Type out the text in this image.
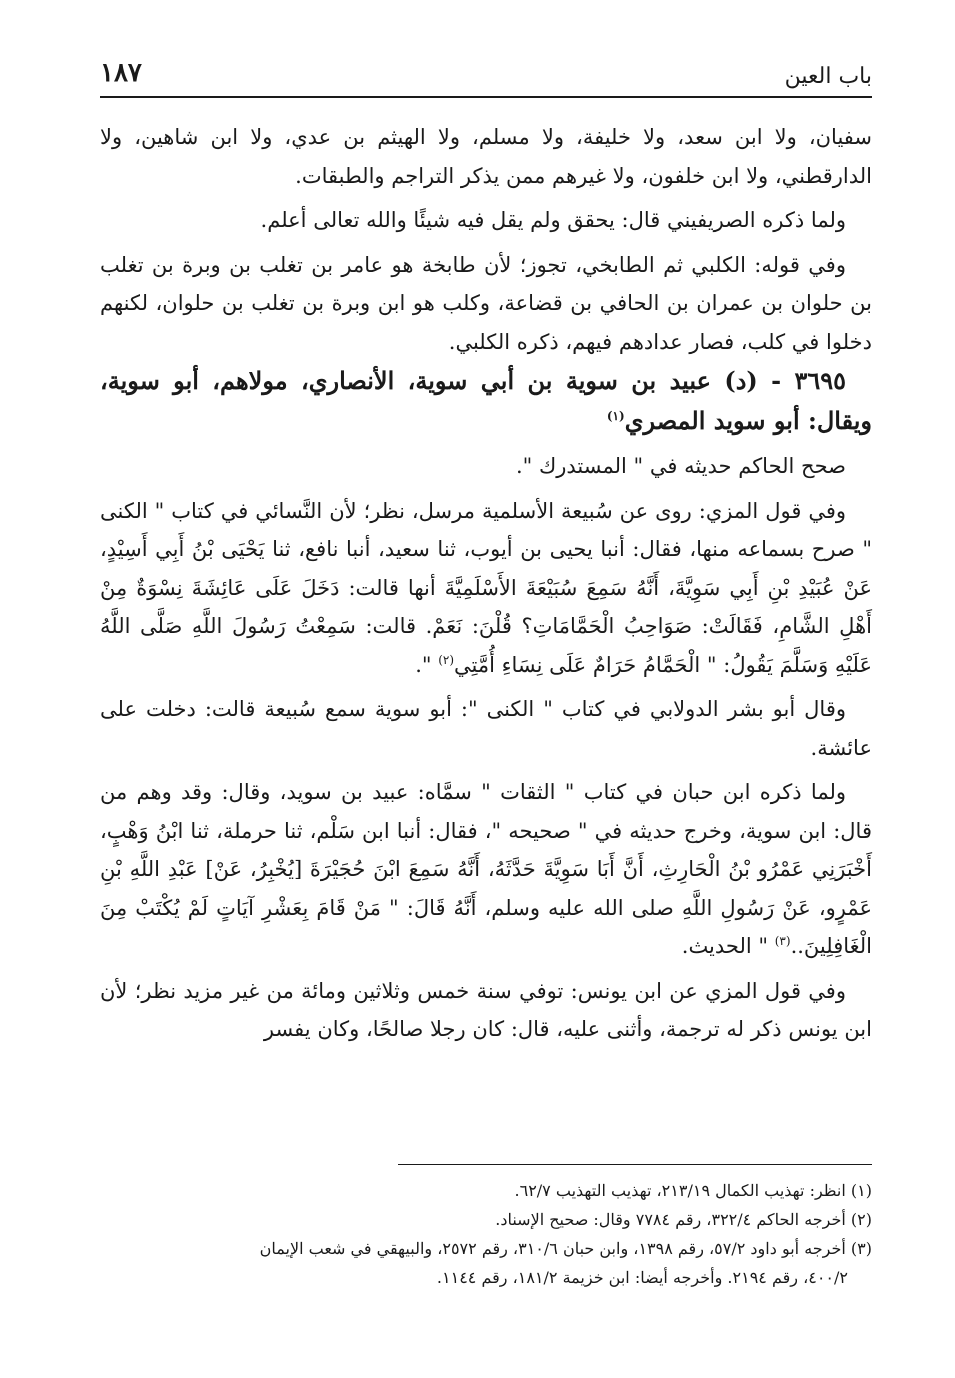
باب العين
١٨٧

سفيان، ولا ابن سعد، ولا خليفة، ولا مسلم، ولا الهيثم بن عدي، ولا ابن شاهين، ولا الدارقطني، ولا ابن خلفون، ولا غيرهم ممن يذكر التراجم والطبقات.

ولما ذكره الصريفيني قال: يحقق ولم يقل فيه شيئًا والله تعالى أعلم.

وفي قوله: الكلبي ثم الطابخي، تجوز؛ لأن طابخة هو عامر بن تغلب بن وبرة بن تغلب بن حلوان بن عمران بن الحافي بن قضاعة، وكلب هو ابن وبرة بن تغلب بن حلوان، لكنهم دخلوا في كلب، فصار عدادهم فيهم، ذكره الكلبي.

٣٦٩٥ - (د) عبيد بن سوية بن أبي سوية، الأنصاري، مولاهم، أبو سوية، ويقال: أبو سويد المصري$^{(١)}$

صحح الحاكم حديثه في " المستدرك ".

وفي قول المزي: روى عن سُبيعة الأسلمية مرسل، نظر؛ لأن النَّسائي في كتاب " الكنى " صرح بسماعه منها، فقال: أنبا يحيى بن أيوب، ثنا سعيد، أنبا نافع، ثنا يَحْيَى بْنُ أَبِي أَسِيْدٍ، عَنْ عُبَيْدِ بْنِ أَبِي سَوِيَّةَ، أَنَّهُ سَمِعَ سُبَيْعَةَ الأَسْلَمِيَّةَ أنها قالت: دَخَلَ عَلَى عَائِشَةَ نِسْوَةٌ مِنْ أَهْلِ الشَّامِ، فَقَالَتْ: صَوَاحِبُ الْحَمَّامَاتِ؟ قُلْنَ: نَعَمْ. قالت: سَمِعْتُ رَسُولَ اللَّهِ صَلَّى اللَّهُ عَلَيْهِ وَسَلَّمَ يَقُولُ: " الْحَمَّامُ حَرَامٌ عَلَى نِسَاءِ أُمَّتِي$^{(٢)}$ ".

وقال أبو بشر الدولابي في كتاب " الكنى ": أبو سوية سمع سُبيعة قالت: دخلت على عائشة.

ولما ذكره ابن حبان في كتاب " الثقات " سمَّاه: عبيد بن سويد، وقال: وقد وهم من قال: ابن سوية، وخرج حديثه في " صحيحه "، فقال: أنبا ابن سَلْم، ثنا حرملة، ثنا ابْنُ وَهْبٍ، أَخْبَرَنِي عَمْرُو بْنُ الْحَارِثِ، أَنَّ أَبَا سَوِيَّةَ حَدَّثَهُ، أَنَّهُ سَمِعَ ابْنَ حُجَيْرَةَ [يُخْبِرُ، عَنْ] عَبْدِ اللَّهِ بْنِ عَمْرٍو، عَنْ رَسُولِ اللَّهِ صلى الله عليه وسلم، أَنَّهُ قَالَ: " مَنْ قَامَ بِعَشْرِ آيَاتٍ لَمْ يُكْتَبْ مِنَ الْغَافِلِينَ..$^{(٣)}$ " الحديث.

وفي قول المزي عن ابن يونس: توفي سنة خمس وثلاثين ومائة من غير مزيد نظر؛ لأن ابن يونس ذكر له ترجمة، وأثنى عليه، قال: كان رجلا صالحًا، وكان يفسر

(١) انظر: تهذيب الكمال ٢١٣/١٩، تهذيب التهذيب ٦٢/٧.

(٢) أخرجه الحاكم ٣٢٢/٤، رقم ٧٧٨٤ وقال: صحيح الإسناد.

(٣) أخرجه أبو داود ٥٧/٢، رقم ١٣٩٨، وابن حبان ٣١٠/٦، رقم ٢٥٧٢، والبيهقي في شعب الإيمان

٤٠٠/٢، رقم ٢١٩٤. وأخرجه أيضا: ابن خزيمة ١٨١/٢، رقم ١١٤٤.
